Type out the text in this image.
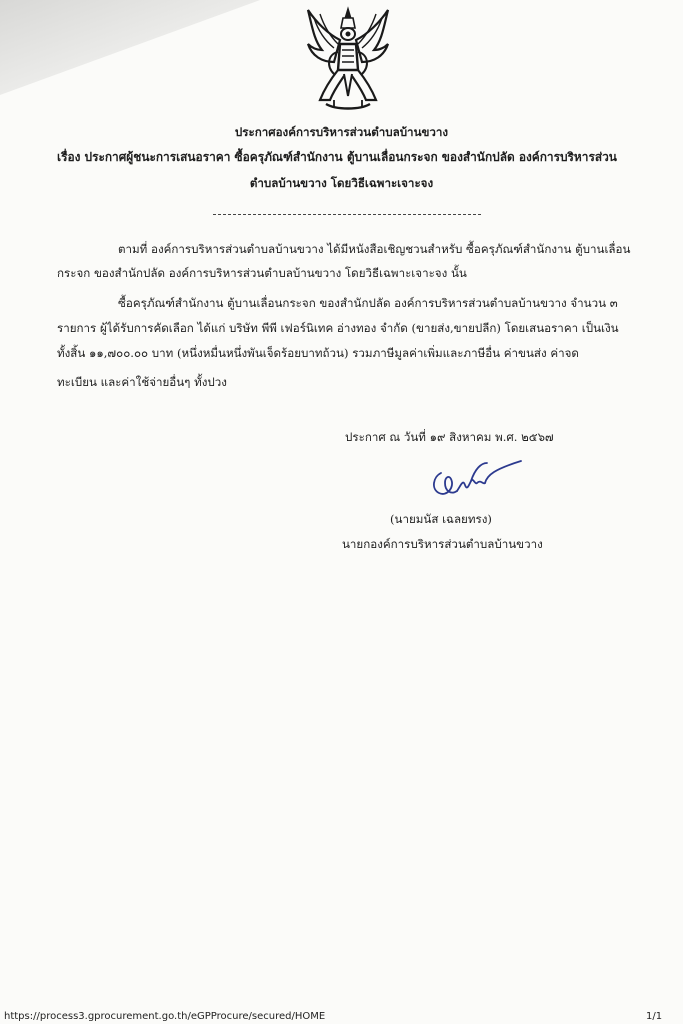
ประกาศองค์การบริหารส่วนตำบลบ้านขวาง
เรื่อง ประกาศผู้ชนะการเสนอราคา ซื้อครุภัณฑ์สำนักงาน ตู้บานเลื่อนกระจก ของสำนักปลัด องค์การบริหารส่วน
ตำบลบ้านขวาง โดยวิธีเฉพาะเจาะจง
ตามที่ องค์การบริหารส่วนตำบลบ้านขวาง ได้มีหนังสือเชิญชวนสำหรับ ซื้อครุภัณฑ์สำนักงาน ตู้บานเลื่อน
กระจก ของสำนักปลัด องค์การบริหารส่วนตำบลบ้านขวาง โดยวิธีเฉพาะเจาะจง นั้น
ซื้อครุภัณฑ์สำนักงาน ตู้บานเลื่อนกระจก ของสำนักปลัด องค์การบริหารส่วนตำบลบ้านขวาง จำนวน ๓
รายการ ผู้ได้รับการคัดเลือก ได้แก่ บริษัท พีพี เฟอร์นิเทค อ่างทอง จำกัด (ขายส่ง,ขายปลีก) โดยเสนอราคา เป็นเงิน
ทั้งสิ้น ๑๑,๗๐๐.๐๐ บาท (หนึ่งหมื่นหนึ่งพันเจ็ดร้อยบาทถ้วน) รวมภาษีมูลค่าเพิ่มและภาษีอื่น ค่าขนส่ง ค่าจด
ทะเบียน และค่าใช้จ่ายอื่นๆ ทั้งปวง
ประกาศ ณ วันที่ ๑๙ สิงหาคม พ.ศ. ๒๕๖๗
(นายมนัส เฉลยทรง)
นายกองค์การบริหารส่วนตำบลบ้านขวาง
https://process3.gprocurement.go.th/eGPProcure/secured/HOME	1/1
